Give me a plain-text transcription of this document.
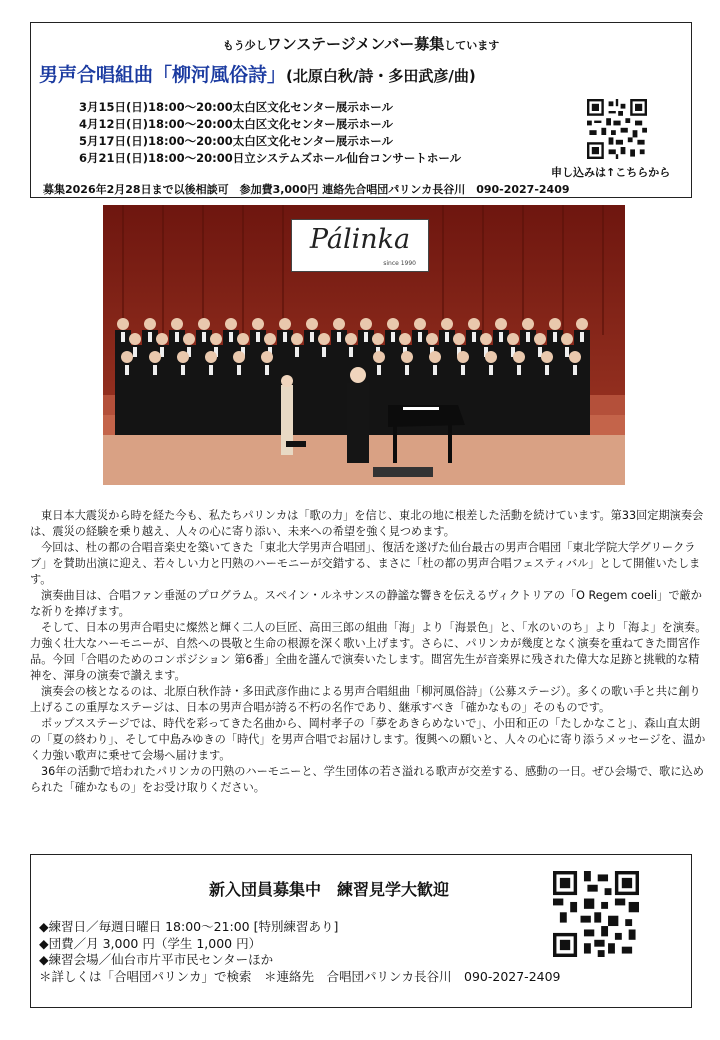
もう少しワンステージメンバー募集しています
男声合唱組曲「柳河風俗詩」(北原白秋/詩・多田武彦/曲)
3月15日(日)18:00～20:00太白区文化センター展示ホール
4月12日(日)18:00～20:00太白区文化センター展示ホール
5月17日(日)18:00～20:00太白区文化センター展示ホール
6月21日(日)18:00～20:00日立システムズホール仙台コンサートホール
申し込みは↑こちらから
募集2026年2月28日まで以後相談可　参加費3,000円 連絡先合唱団パリンカ長谷川　090-2027-2409
Pálinka
since 1990

東日本大震災から時を経た今も、私たちパリンカは「歌の力」を信じ、東北の地に根差した活動を続けています。第33回定期演奏会は、震災の経験を乗り越え、人々の心に寄り添い、未来への希望を強く見つめます。

今回は、杜の都の合唱音楽史を築いてきた「東北大学男声合唱団」、復活を遂げた仙台最古の男声合唱団「東北学院大学グリークラブ」を賛助出演に迎え、若々しい力と円熟のハーモニーが交錯する、まさに「杜の都の男声合唱フェスティバル」として開催いたします。

演奏曲目は、合唱ファン垂涎のプログラム。スペイン・ルネサンスの静謐な響きを伝えるヴィクトリアの「O Regem coeli」で厳かな祈りを捧げます。

そして、日本の男声合唱史に燦然と輝く二人の巨匠、高田三郎の組曲「海」より「海景色」と、「水のいのち」より「海よ」を演奏。力強く壮大なハーモニーが、自然への畏敬と生命の根源を深く歌い上げます。さらに、パリンカが幾度となく演奏を重ねてきた間宮作品。今回「合唱のためのコンポジション 第6番」全曲を謹んで演奏いたします。間宮先生が音楽界に残された偉大な足跡と挑戦的な精神を、渾身の演奏で讃えます。

演奏会の核となるのは、北原白秋作詩・多田武彦作曲による男声合唱組曲「柳河風俗詩」（公募ステージ）。多くの歌い手と共に創り上げるこの重厚なステージは、日本の男声合唱が誇る不朽の名作であり、継承すべき「確かなもの」そのものです。

ポップスステージでは、時代を彩ってきた名曲から、岡村孝子の「夢をあきらめないで」、小田和正の「たしかなこと」、森山直太朗の「夏の終わり」、そして中島みゆきの「時代」を男声合唱でお届けします。復興への願いと、人々の心に寄り添うメッセージを、温かく力強い歌声に乗せて会場へ届けます。

36年の活動で培われたパリンカの円熟のハーモニーと、学生団体の若さ溢れる歌声が交差する、感動の一日。ぜひ会場で、歌に込められた「確かなもの」をお受け取りください。

新入団員募集中　練習見学大歓迎
◆練習日／毎週日曜日 18:00～21:00 [特別練習あり]
◆団費／月 3,000 円（学生 1,000 円）
◆練習会場／仙台市片平市民センターほか
＊詳しくは「合唱団パリンカ」で検索　＊連絡先　合唱団パリンカ長谷川　090-2027-2409
